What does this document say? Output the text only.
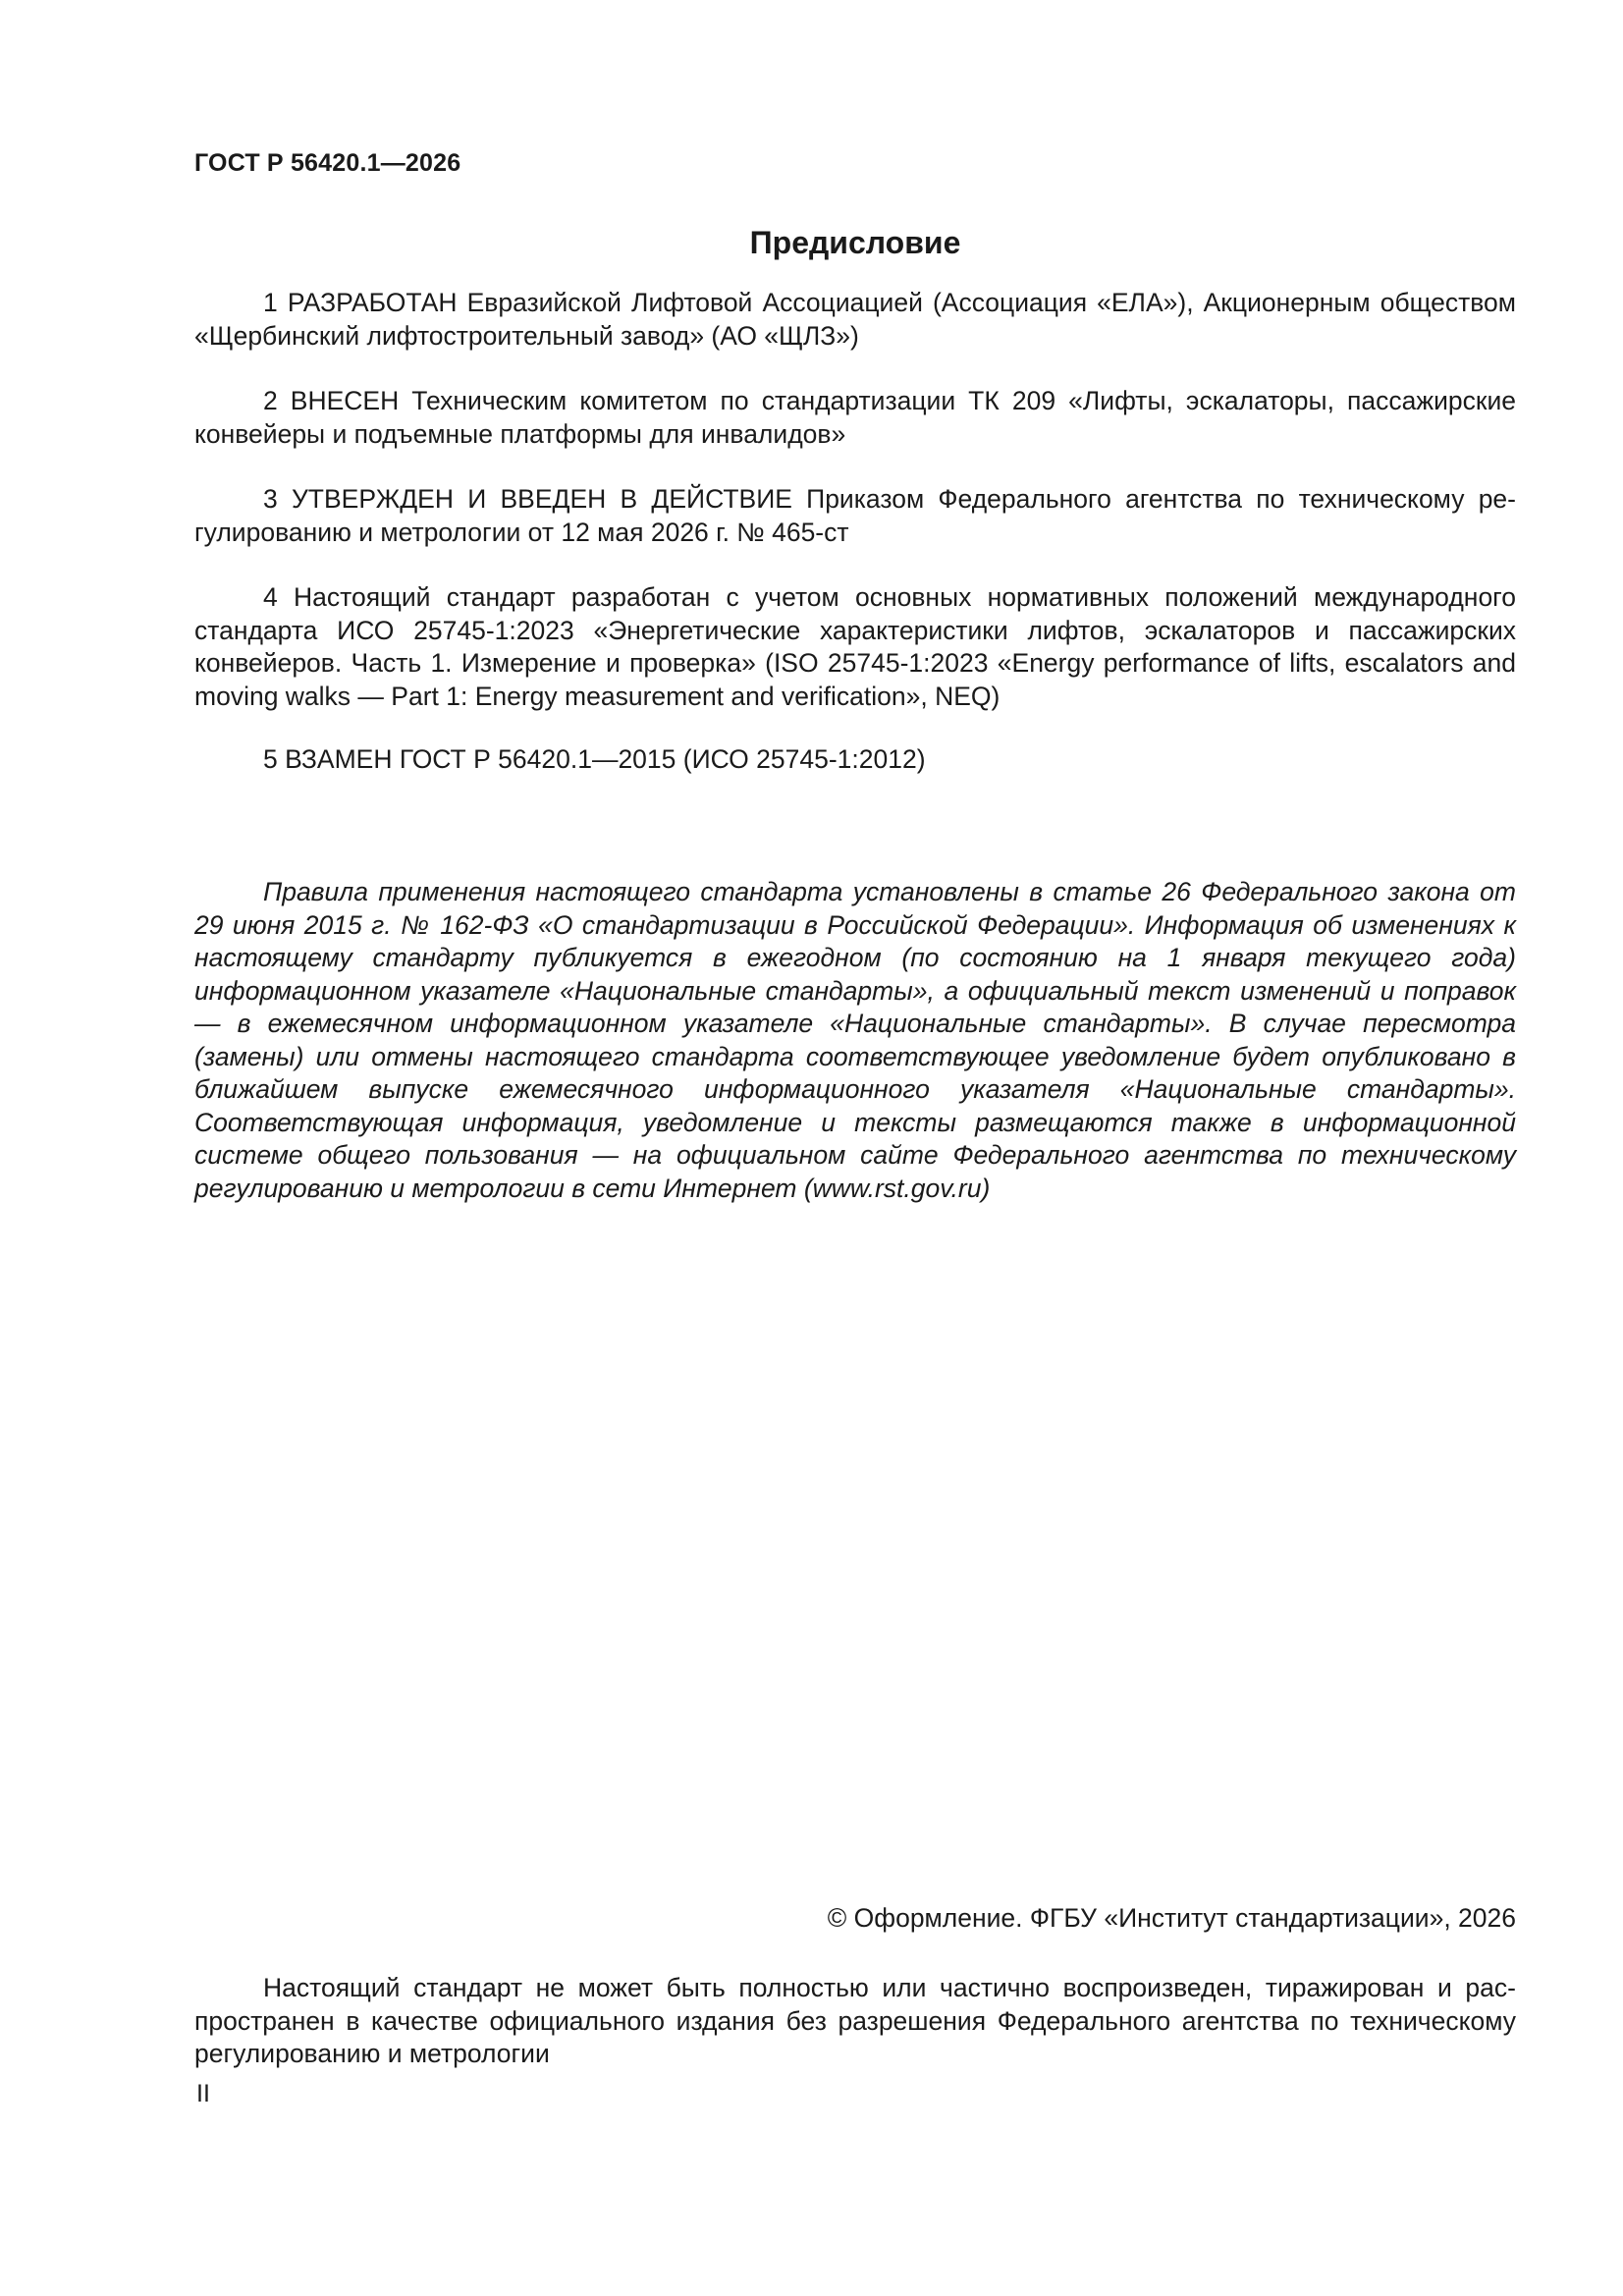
ГОСТ Р 56420.1—2026
Предисловие

1 РАЗРАБОТАН Евразийской Лифтовой Ассоциацией (Ассоциация «ЕЛА»), Акционерным обществом «Щербинский лифтостроительный завод» (АО «ЩЛЗ»)

2 ВНЕСЕН Техническим комитетом по стандартизации ТК 209 «Лифты, эскалаторы, пассажирские конвейеры и подъемные платформы для инвалидов»

3 УТВЕРЖДЕН И ВВЕДЕН В ДЕЙСТВИЕ Приказом Федерального агентства по техническому регулированию и метрологии от 12 мая 2026 г. № 465-ст

4 Настоящий стандарт разработан с учетом основных нормативных положений международного стандарта ИСО 25745-1:2023 «Энергетические характеристики лифтов, эскалаторов и пассажирских конвейеров. Часть 1. Измерение и проверка» (ISO 25745-1:2023 «Energy performance of lifts, escalators and moving walks — Part 1: Energy measurement and verification», NEQ)

5 ВЗАМЕН ГОСТ Р 56420.1—2015 (ИСО 25745-1:2012)

Правила применения настоящего стандарта установлены в статье 26 Федерального закона от 29 июня 2015 г. № 162-ФЗ «О стандартизации в Российской Федерации». Информация об изменениях к настоящему стандарту публикуется в ежегодном (по состоянию на 1 января текущего года) информационном указателе «Национальные стандарты», а официальный текст изменений и поправок — в ежемесячном информационном указателе «Национальные стандарты». В случае пересмотра (замены) или отмены настоящего стандарта соответствующее уведомление будет опубликовано в ближайшем выпуске ежемесячного информационного указателя «Национальные стандарты». Соответствующая информация, уведомление и тексты размещаются также в информационной системе общего пользования — на официальном сайте Федерального агентства по техническому регулированию и метрологии в сети Интернет (www.rst.gov.ru)

© Оформление. ФГБУ «Институт стандартизации», 2026

Настоящий стандарт не может быть полностью или частично воспроизведен, тиражирован и распространен в качестве официального издания без разрешения Федерального агентства по техническому регулированию и метрологии

II
